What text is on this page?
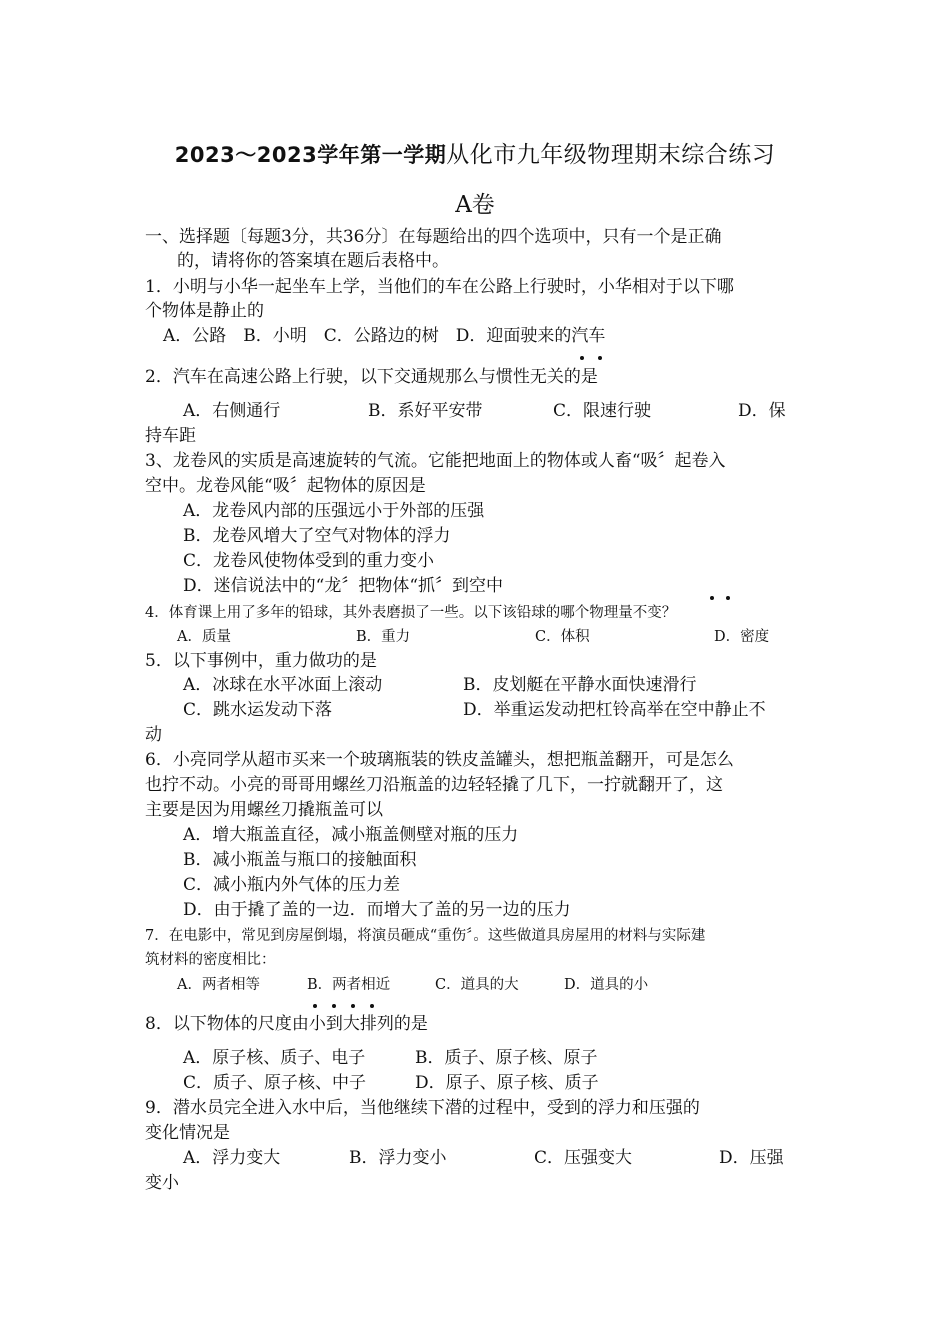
2023～2023学年第一学期从化市九年级物理期末综合练习
A卷
一、选择题〔每题3分，共36分〕在每题给出的四个选项中，只有一个是正确
的，请将你的答案填在题后表格中。
1．小明与小华一起坐车上学，当他们的车在公路上行驶时，小华相对于以下哪
个物体是静止的
A．公路　B．小明　C．公路边的树　D．迎面驶来的汽车
2．汽车在高速公路上行驶，以下交通规那么与惯性无关的是
A．右侧通行	B．系好平安带	C．限速行驶	D．保
持车距
3、龙卷风的实质是高速旋转的气流。它能把地面上的物体或人畜“吸〞起卷入
空中。龙卷风能“吸〞起物体的原因是
A．龙卷风内部的压强远小于外部的压强
B．龙卷风增大了空气对物体的浮力
C．龙卷风使物体受到的重力变小
D．迷信说法中的“龙〞把物体“抓〞到空中
4．体育课上用了多年的铅球，其外表磨损了一些。以下该铅球的哪个物理量不变？
A．质量	B．重力	C．体积	D．密度
5．以下事例中，重力做功的是
A．冰球在水平冰面上滚动	B．皮划艇在平静水面快速滑行
C．跳水运发动下落	D．举重运发动把杠铃高举在空中静止不
动
6．小亮同学从超市买来一个玻璃瓶装的铁皮盖罐头，想把瓶盖翻开，可是怎么
也拧不动。小亮的哥哥用螺丝刀沿瓶盖的边轻轻撬了几下，一拧就翻开了，这
主要是因为用螺丝刀撬瓶盖可以
A．增大瓶盖直径，减小瓶盖侧壁对瓶的压力
B．减小瓶盖与瓶口的接触面积
C．减小瓶内外气体的压力差
D．由于撬了盖的一边．而增大了盖的另一边的压力
7．在电影中，常见到房屋倒塌，将演员砸成“重伤〞。这些做道具房屋用的材料与实际建
筑材料的密度相比：
A．两者相等	B．两者相近	C．道具的大	D．道具的小
8．以下物体的尺度由小到大排列的是
A．原子核、质子、电子	B．质子、原子核、原子
C．质子、原子核、中子	D．原子、原子核、质子
9．潜水员完全进入水中后，当他继续下潜的过程中，受到的浮力和压强的
变化情况是
A．浮力变大	B．浮力变小	C．压强变大	D．压强
变小
